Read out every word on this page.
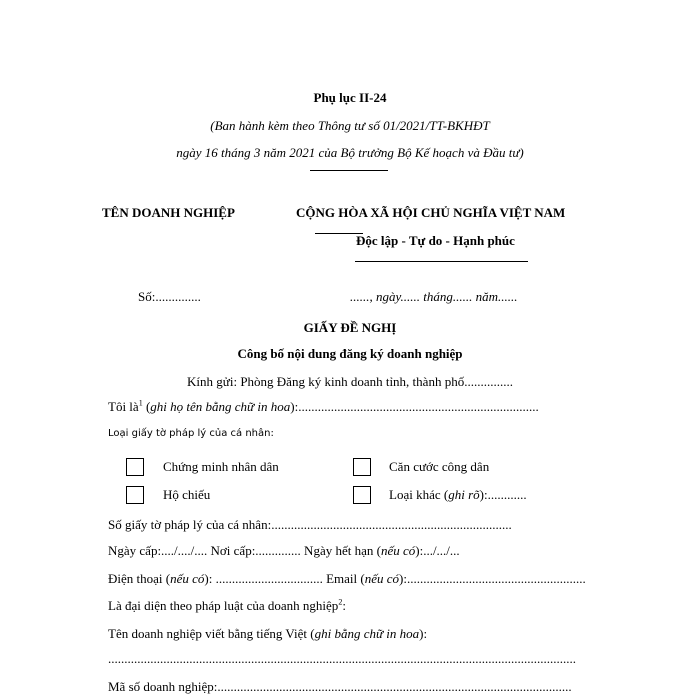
Phụ lục II-24
(Ban hành kèm theo Thông tư số 01/2021/TT-BKHĐT
ngày 16 tháng 3 năm 2021 của Bộ trưởng Bộ Kế hoạch và Đầu tư)
TÊN DOANH NGHIỆP	CỘNG HÒA XÃ HỘI CHỦ NGHĨA VIỆT NAM
Độc lập - Tự do - Hạnh phúc
Số:..............	......, ngày...... tháng...... năm......
GIẤY ĐỀ NGHỊ
Công bố nội dung đăng ký doanh nghiệp
Kính gửi: Phòng Đăng ký kinh doanh tỉnh, thành phố...............
Tôi $là^1$ (ghi họ tên bằng chữ in hoa):..........................................................................
Loại giấy tờ pháp lý của cá nhân:
Chứng minh nhân dân	Căn cước công dân
Hộ chiếu	Loại khác (ghi rõ):............
Số giấy tờ pháp lý của cá nhân:..........................................................................
Ngày cấp:..../..../.... Nơi cấp:.............. Ngày hết hạn (nếu có):.../.../...
Điện thoại (nếu có): ................................. Email (nếu có):.......................................................
Là đại diện theo pháp luật của doanh nghiệp$^2$:
Tên doanh nghiệp viết bằng tiếng Việt (ghi bằng chữ in hoa):
................................................................................................................................................
Mã số doanh nghiệp:.............................................................................................................
